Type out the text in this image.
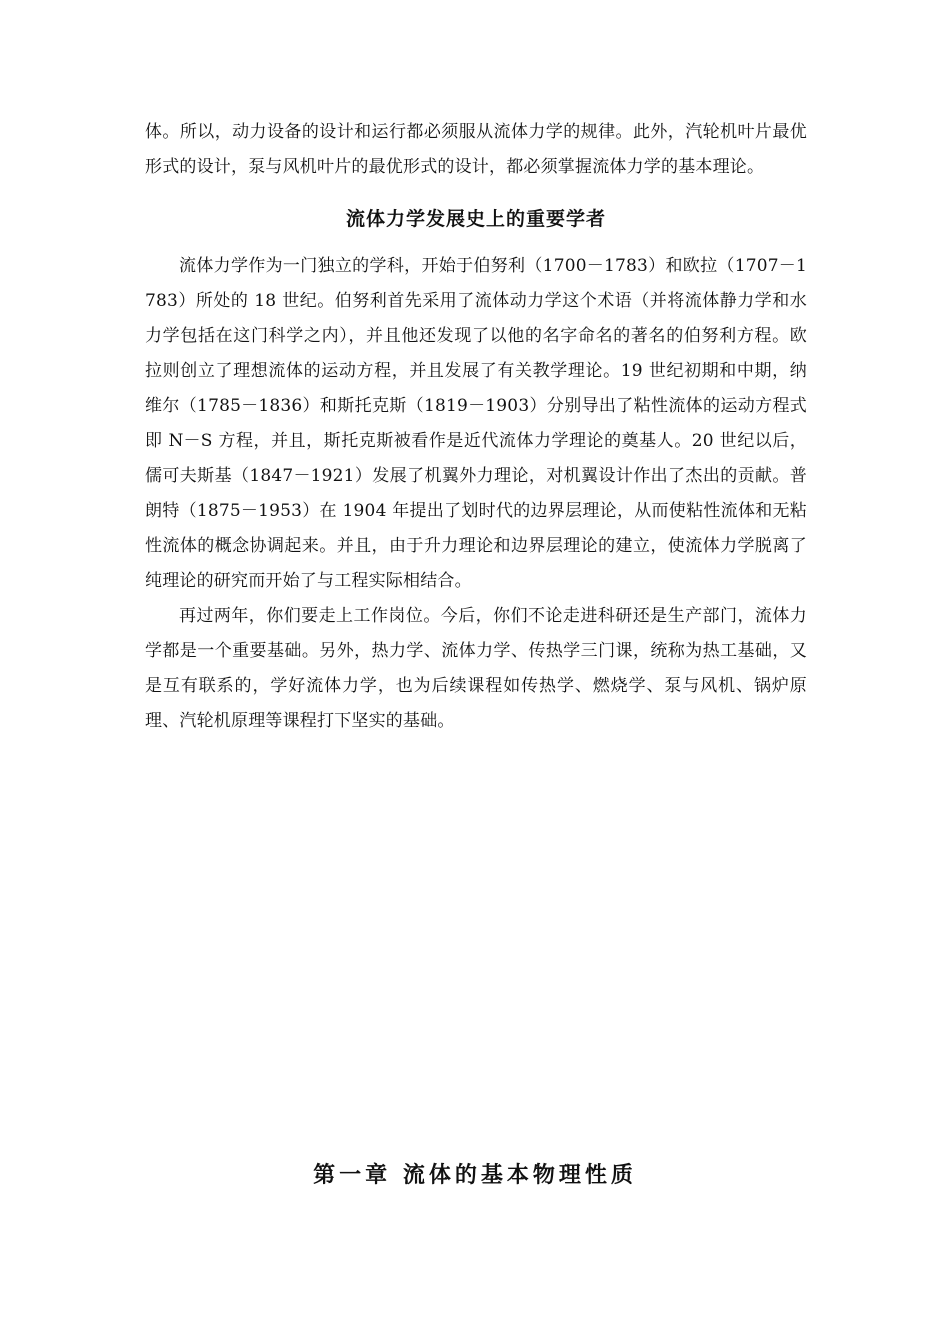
体。所以，动力设备的设计和运行都必须服从流体力学的规律。此外，汽轮机叶片最优形式的设计，泵与风机叶片的最优形式的设计，都必须掌握流体力学的基本理论。

流体力学发展史上的重要学者

流体力学作为一门独立的学科，开始于伯努利（1700－1783）和欧拉（1707－1783）所处的 18 世纪。伯努利首先采用了流体动力学这个术语（并将流体静力学和水力学包括在这门科学之内），并且他还发现了以他的名字命名的著名的伯努利方程。欧拉则创立了理想流体的运动方程，并且发展了有关教学理论。19 世纪初期和中期，纳维尔（1785－1836）和斯托克斯（1819－1903）分别导出了粘性流体的运动方程式即 N－S 方程，并且，斯托克斯被看作是近代流体力学理论的奠基人。20 世纪以后，儒可夫斯基（1847－1921）发展了机翼外力理论，对机翼设计作出了杰出的贡献。普朗特（1875－1953）在 1904 年提出了划时代的边界层理论，从而使粘性流体和无粘性流体的概念协调起来。并且，由于升力理论和边界层理论的建立，使流体力学脱离了纯理论的研究而开始了与工程实际相结合。

再过两年，你们要走上工作岗位。今后，你们不论走进科研还是生产部门，流体力学都是一个重要基础。另外，热力学、流体力学、传热学三门课，统称为热工基础，又是互有联系的，学好流体力学，也为后续课程如传热学、燃烧学、泵与风机、锅炉原理、汽轮机原理等课程打下坚实的基础。

第一章 流体的基本物理性质
